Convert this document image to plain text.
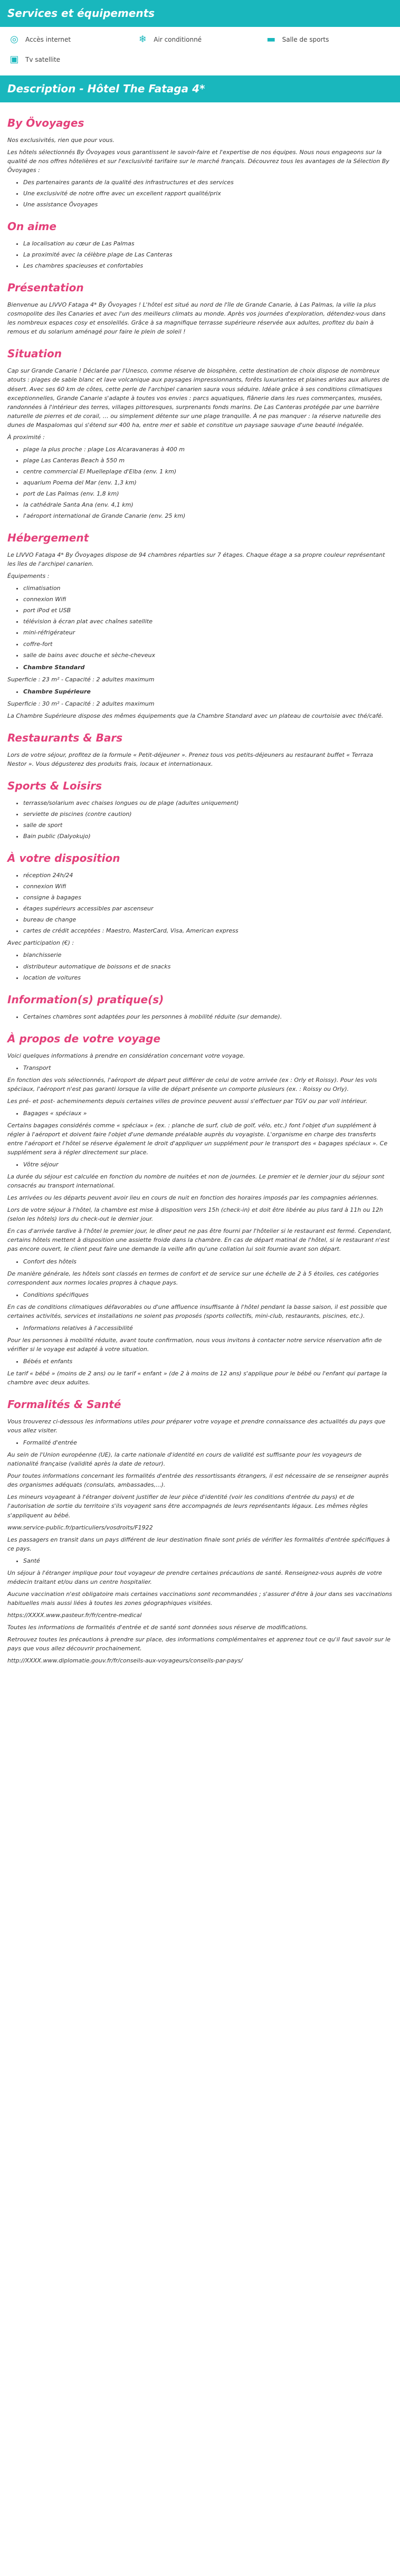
Services et équipements
◎	Accès internet	❄	Air conditionné	▬	Salle de sports
▣	Tv satellite
Description - Hôtel The Fataga 4*
By Övoyages

Nos exclusivités, rien que pour vous.

Les hôtels sélectionnés By Övoyages vous garantissent le savoir-faire et l'expertise de nos équipes. Nous nous engageons sur la qualité de nos offres hôtelières et sur l'exclusivité tarifaire sur le marché français. Découvrez tous les avantages de la Sélection By Övoyages :

• Des partenaires garants de la qualité des infrastructures et des services
• Une exclusivité de notre offre avec un excellent rapport qualité/prix
• Une assistance Övoyages
On aime
• La localisation au cœur de Las Palmas
• La proximité avec la célèbre plage de Las Canteras
• Les chambres spacieuses et confortables
Présentation

Bienvenue au LIVVO Fataga 4* By Övoyages ! L'hôtel est situé au nord de l'île de Grande Canarie, à Las Palmas, la ville la plus cosmopolite des îles Canaries et avec l'un des meilleurs climats au monde. Après vos journées d'exploration, détendez-vous dans les nombreux espaces cosy et ensoleillés. Grâce à sa magnifique terrasse supérieure réservée aux adultes, profitez du bain à remous et du solarium aménagé pour faire le plein de soleil !

Situation

Cap sur Grande Canarie ! Déclarée par l'Unesco, comme réserve de biosphère, cette destination de choix dispose de nombreux atouts : plages de sable blanc et lave volcanique aux paysages impressionnants, forêts luxuriantes et plaines arides aux allures de désert. Avec ses 60 km de côtes, cette perle de l'archipel canarien saura vous séduire. Idéale grâce à ses conditions climatiques exceptionnelles, Grande Canarie s'adapte à toutes vos envies : parcs aquatiques, flânerie dans les rues commerçantes, musées, randonnées à l'intérieur des terres, villages pittoresques, surprenants fonds marins. De Las Canteras protégée par une barrière naturelle de pierres et de corail, … ou simplement détente sur une plage tranquille. À ne pas manquer : la réserve naturelle des dunes de Maspalomas qui s'étend sur 400 ha, entre mer et sable et constitue un paysage sauvage d'une beauté inégalée.

À proximité :

• plage la plus proche : plage Los Alcaravaneras à 400 m
• plage Las Canteras Beach à 550 m
• centre commercial El Muelleplage d'Elba (env. 1 km)
• aquarium Poema del Mar (env. 1,3 km)
• port de Las Palmas (env. 1,8 km)
• la cathédrale Santa Ana (env. 4,1 km)
• l'aéroport international de Grande Canarie (env. 25 km)
Hébergement

Le LIVVO Fataga 4* By Övoyages dispose de 94 chambres réparties sur 7 étages. Chaque étage a sa propre couleur représentant les îles de l'archipel canarien.

Équipements :

• climatisation
• connexion Wifi
• port iPod et USB
• télévision à écran plat avec chaînes satellite
• mini-réfrigérateur
• coffre-fort
• salle de bains avec douche et sèche-cheveux
• Chambre Standard

Superficie : 23 m² - Capacité : 2 adultes maximum

• Chambre Supérieure

Superficie : 30 m² - Capacité : 2 adultes maximum

La Chambre Supérieure dispose des mêmes équipements que la Chambre Standard avec un plateau de courtoisie avec thé/café.

Restaurants & Bars

Lors de votre séjour, profitez de la formule « Petit-déjeuner ». Prenez tous vos petits-déjeuners au restaurant buffet « Terraza Nestor ». Vous dégusterez des produits frais, locaux et internationaux.

Sports & Loisirs
• terrasse/solarium avec chaises longues ou de plage (adultes uniquement)
• serviette de piscines (contre caution)
• salle de sport
• Bain public (Dalyokujo)
À votre disposition
• réception 24h/24
• connexion Wifi
• consigne à bagages
• étages supérieurs accessibles par ascenseur
• bureau de change
• cartes de crédit acceptées : Maestro, MasterCard, Visa, American express

Avec participation (€) :

• blanchisserie
• distributeur automatique de boissons et de snacks
• location de voitures
Information(s) pratique(s)
• Certaines chambres sont adaptées pour les personnes à mobilité réduite (sur demande).
À propos de votre voyage

Voici quelques informations à prendre en considération concernant votre voyage.

• Transport

En fonction des vols sélectionnés, l'aéroport de départ peut différer de celui de votre arrivée (ex : Orly et Roissy). Pour les vols spéciaux, l'aéroport n'est pas garanti lorsque la ville de départ présente un comporte plusieurs (ex. : Roissy ou Orly).

Les pré- et post- acheminements depuis certaines villes de province peuvent aussi s'effectuer par TGV ou par voll intérieur.

• Bagages « spéciaux »

Certains bagages considérés comme « spéciaux » (ex. : planche de surf, club de golf, vélo, etc.) font l'objet d'un supplément à régler à l'aéroport et doivent faire l'objet d'une demande préalable auprès du voyagiste. L'organisme en charge des transferts entre l'aéroport et l'hôtel se réserve également le droit d'appliquer un supplément pour le transport des « bagages spéciaux ». Ce supplément sera à régler directement sur place.

• Vôtre séjour

La durée du séjour est calculée en fonction du nombre de nuitées et non de journées. Le premier et le dernier jour du séjour sont consacrés au transport international.

Les arrivées ou les départs peuvent avoir lieu en cours de nuit en fonction des horaires imposés par les compagnies aériennes.

Lors de votre séjour à l'hôtel, la chambre est mise à disposition vers 15h (check-in) et doit être libérée au plus tard à 11h ou 12h (selon les hôtels) lors du check-out le dernier jour.

En cas d'arrivée tardive à l'hôtel le premier jour, le dîner peut ne pas être fourni par l'hôtelier si le restaurant est fermé. Cependant, certains hôtels mettent à disposition une assiette froide dans la chambre. En cas de départ matinal de l'hôtel, si le restaurant n'est pas encore ouvert, le client peut faire une demande la veille afin qu'une collation lui soit fournie avant son départ.

• Confort des hôtels

De manière générale, les hôtels sont classés en termes de confort et de service sur une échelle de 2 à 5 étoiles, ces catégories correspondent aux normes locales propres à chaque pays.

• Conditions spécifiques

En cas de conditions climatiques défavorables ou d'une affluence insuffisante à l'hôtel pendant la basse saison, il est possible que certaines activités, services et installations ne soient pas proposés (sports collectifs, mini-club, restaurants, piscines, etc.).

• Informations relatives à l'accessibilité

Pour les personnes à mobilité réduite, avant toute confirmation, nous vous invitons à contacter notre service réservation afin de vérifier si le voyage est adapté à votre situation.

• Bébés et enfants

Le tarif « bébé » (moins de 2 ans) ou le tarif « enfant » (de 2 à moins de 12 ans) s'applique pour le bébé ou l'enfant qui partage la chambre avec deux adultes.

Formalités & Santé

Vous trouverez ci-dessous les informations utiles pour préparer votre voyage et prendre connaissance des actualités du pays que vous allez visiter.

• Formalité d'entrée

Au sein de l'Union européenne (UE), la carte nationale d'identité en cours de validité est suffisante pour les voyageurs de nationalité française (validité après la date de retour).

Pour toutes informations concernant les formalités d'entrée des ressortissants étrangers, il est nécessaire de se renseigner auprès des organismes adéquats (consulats, ambassades,...).

Les mineurs voyageant à l'étranger doivent justifier de leur pièce d'identité (voir les conditions d'entrée du pays) et de l'autorisation de sortie du territoire s'ils voyagent sans être accompagnés de leurs représentants légaux. Les mêmes règles s'appliquent au bébé.

www.service-public.fr/particuliers/vosdroits/F1922

Les passagers en transit dans un pays différent de leur destination finale sont priés de vérifier les formalités d'entrée spécifiques à ce pays.

• Santé

Un séjour à l'étranger implique pour tout voyageur de prendre certaines précautions de santé. Renseignez-vous auprès de votre médecin traitant et/ou dans un centre hospitalier.

Aucune vaccination n'est obligatoire mais certaines vaccinations sont recommandées ; s'assurer d'être à jour dans ses vaccinations habituelles mais aussi liées à toutes les zones géographiques visitées.

https://XXXX.www.pasteur.fr/fr/centre-medical

Toutes les informations de formalités d'entrée et de santé sont données sous réserve de modifications.

Retrouvez toutes les précautions à prendre sur place, des informations complémentaires et apprenez tout ce qu'il faut savoir sur le pays que vous allez découvrir prochainement.

http://XXXX.www.diplomatie.gouv.fr/fr/conseils-aux-voyageurs/conseils-par-pays/
